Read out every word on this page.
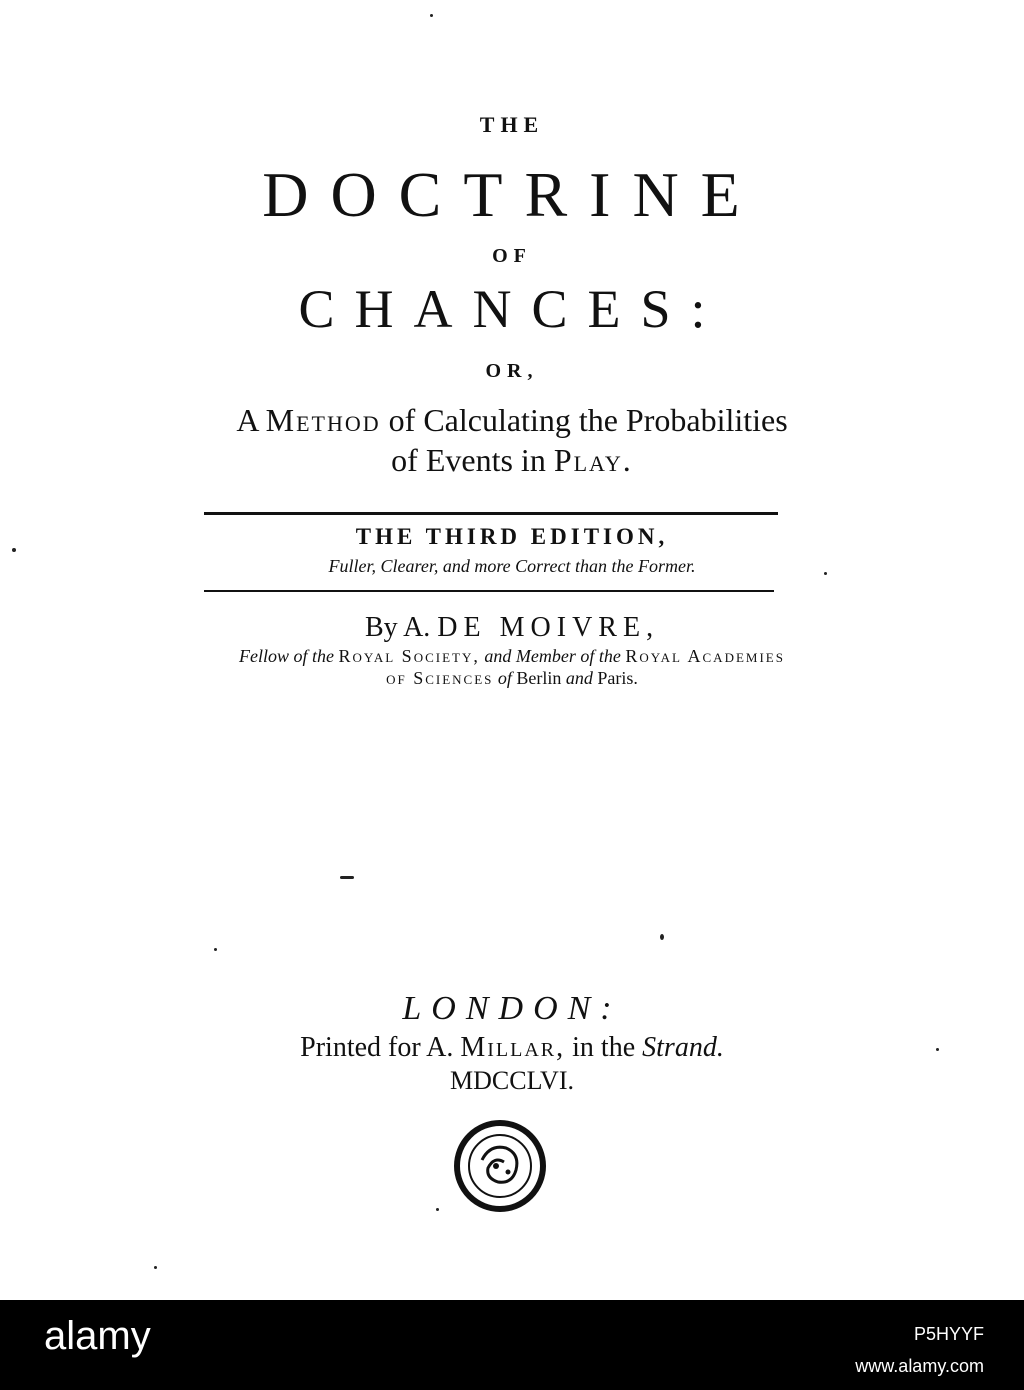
THE
DOCTRINE
OF
CHANCES:
OR,
A Method of Calculating the Probabilities
of Events in Play.
THE THIRD EDITION,
Fuller, Clearer, and more Correct than the Former.
By A. DE MOIVRE,
Fellow of the Royal Society, and Member of the Royal Academies
of Sciences of Berlin and Paris.
LONDON:
Printed for A. Millar, in the Strand.
MDCCLVI.
alamy	P5HYYF
www.alamy.com
